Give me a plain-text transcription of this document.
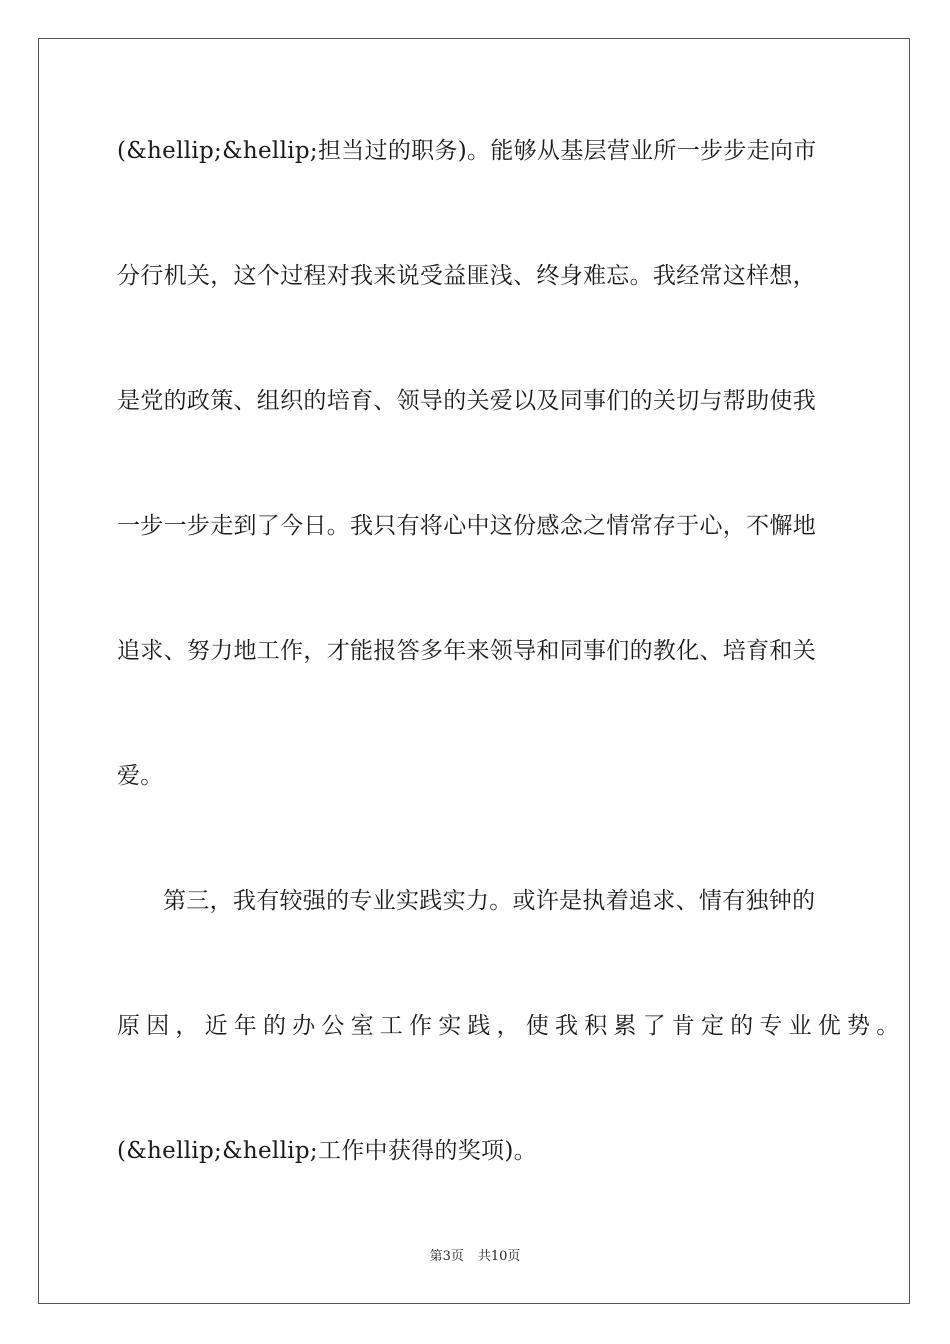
(&hellip;&hellip;担当过的职务)。能够从基层营业所一步步走向市
分行机关，这个过程对我来说受益匪浅、终身难忘。我经常这样想，
是党的政策、组织的培育、领导的关爱以及同事们的关切与帮助使我
一步一步走到了今日。我只有将心中这份感念之情常存于心，不懈地
追求、努力地工作，才能报答多年来领导和同事们的教化、培育和关
爱。
第三，我有较强的专业实践实力。或许是执着追求、情有独钟的
原因，近年的办公室工作实践，使我积累了肯定的专业优势。
(&hellip;&hellip;工作中获得的奖项)。
第3页 共10页
